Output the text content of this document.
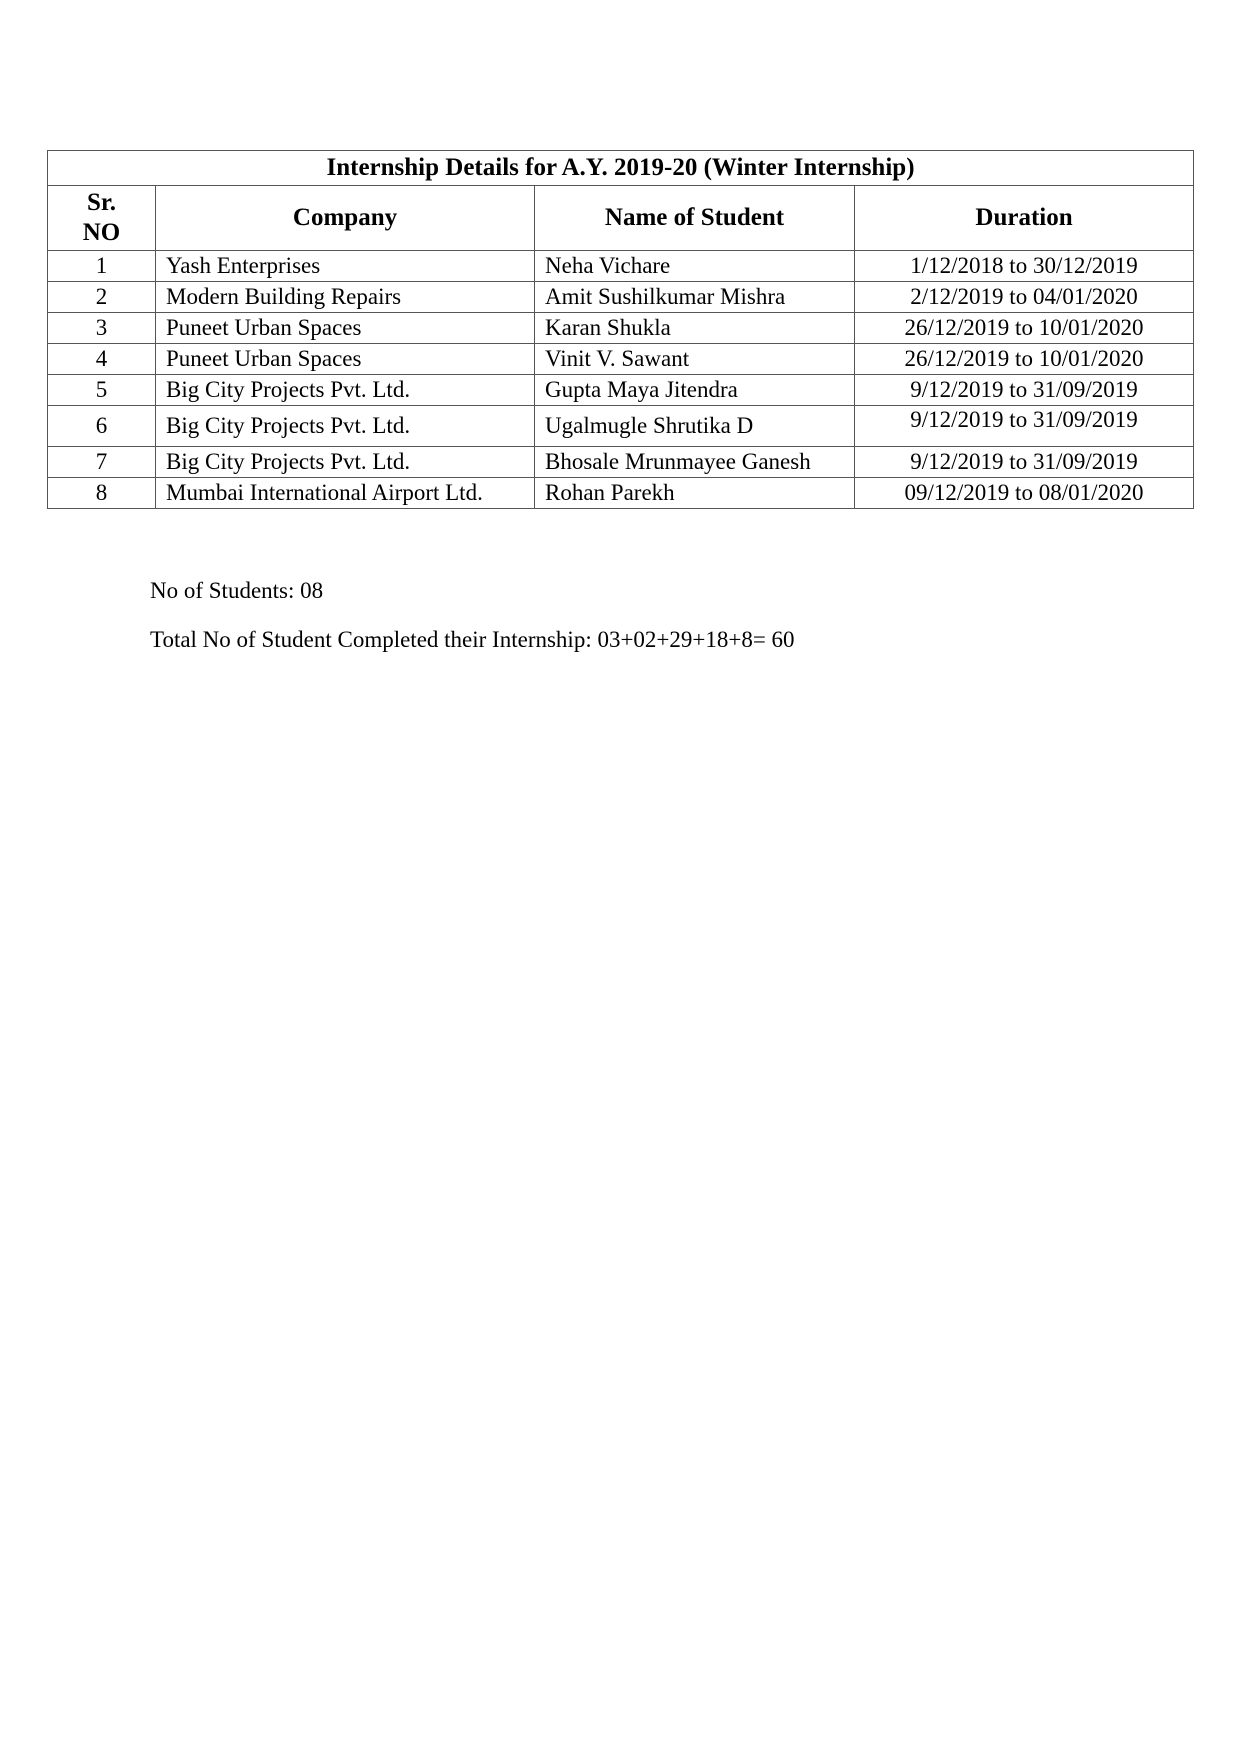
Internship Details for A.Y. 2019-20 (Winter Internship)			

Sr.
NO	Company	Name of Student	Duration
1	Yash Enterprises	Neha Vichare	1/12/2018 to 30/12/2019
2	Modern Building Repairs	Amit Sushilkumar Mishra	2/12/2019 to 04/01/2020
3	Puneet Urban Spaces	Karan Shukla	26/12/2019 to 10/01/2020
4	Puneet Urban Spaces	Vinit V. Sawant	26/12/2019 to 10/01/2020
5	Big City Projects Pvt. Ltd.	Gupta Maya Jitendra	9/12/2019 to 31/09/2019
6	Big City Projects Pvt. Ltd.	Ugalmugle Shrutika D	9/12/2019 to 31/09/2019
7	Big City Projects Pvt. Ltd.	Bhosale Mrunmayee Ganesh	9/12/2019 to 31/09/2019
8	Mumbai International Airport Ltd.	Rohan Parekh	09/12/2019 to 08/01/2020
No of Students: 08
Total No of Student Completed their Internship: 03+02+29+18+8= 60
